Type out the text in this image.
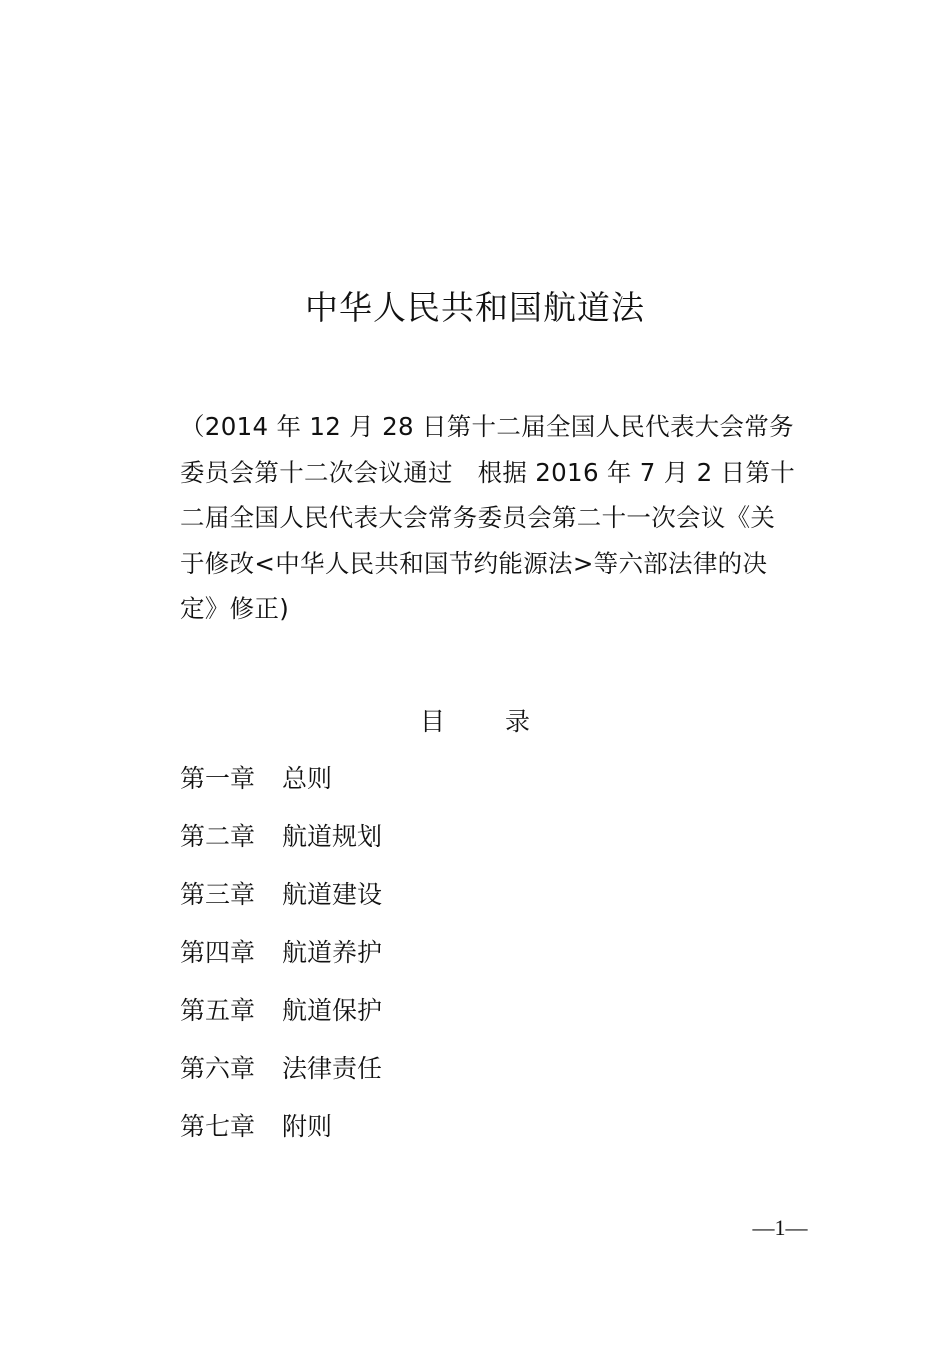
中华人民共和国航道法
（2014 年 12 月 28 日第十二届全国人民代表大会常务
委员会第十二次会议通过　根据 2016 年 7 月 2 日第十
二届全国人民代表大会常务委员会第二十一次会议《关
于修改<中华人民共和国节约能源法>等六部法律的决
定》修正)
目 录
第一章 总则
第二章 航道规划
第三章 航道建设
第四章 航道养护
第五章 航道保护
第六章 法律责任
第七章 附则
—1—
